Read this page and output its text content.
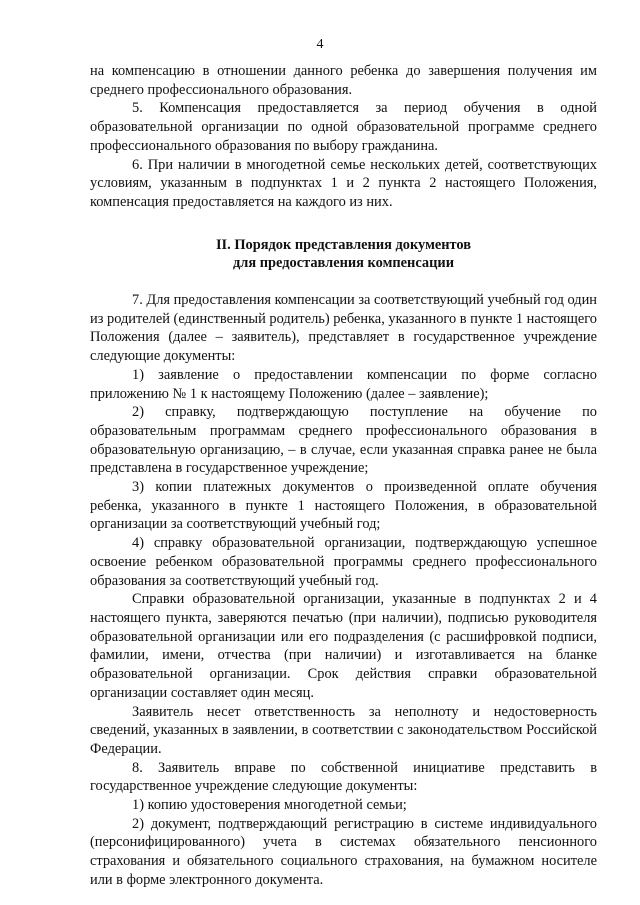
4

на компенсацию в отношении данного ребенка до завершения получения им среднего профессионального образования.

5. Компенсация предоставляется за период обучения в одной образовательной организации по одной образовательной программе среднего профессионального образования по выбору гражданина.

6. При наличии в многодетной семье нескольких детей, соответствующих условиям, указанным в подпунктах 1 и 2 пункта 2 настоящего Положения, компенсация предоставляется на каждого из них.

II. Порядок представления документов
для предоставления компенсации

7. Для предоставления компенсации за соответствующий учебный год один из родителей (единственный родитель) ребенка, указанного в пункте 1 настоящего Положения (далее – заявитель), представляет в государственное учреждение следующие документы:

1) заявление о предоставлении компенсации по форме согласно приложению № 1 к настоящему Положению (далее – заявление);

2) справку, подтверждающую поступление на обучение по образовательным программам среднего профессионального образования в образовательную организацию, – в случае, если указанная справка ранее не была представлена в государственное учреждение;

3) копии платежных документов о произведенной оплате обучения ребенка, указанного в пункте 1 настоящего Положения, в образовательной организации за соответствующий учебный год;

4) справку образовательной организации, подтверждающую успешное освоение ребенком образовательной программы среднего профессионального образования за соответствующий учебный год.

Справки образовательной организации, указанные в подпунктах 2 и 4 настоящего пункта, заверяются печатью (при наличии), подписью руководителя образовательной организации или его подразделения (с расшифровкой подписи, фамилии, имени, отчества (при наличии) и изготавливается на бланке образовательной организации. Срок действия справки образовательной организации составляет один месяц.

Заявитель несет ответственность за неполноту и недостоверность сведений, указанных в заявлении, в соответствии с законодательством Российской Федерации.

8. Заявитель вправе по собственной инициативе представить в государственное учреждение следующие документы:

1) копию удостоверения многодетной семьи;

2) документ, подтверждающий регистрацию в системе индивидуального (персонифицированного) учета в системах обязательного пенсионного страхования и обязательного социального страхования, на бумажном носителе или в форме электронного документа.
